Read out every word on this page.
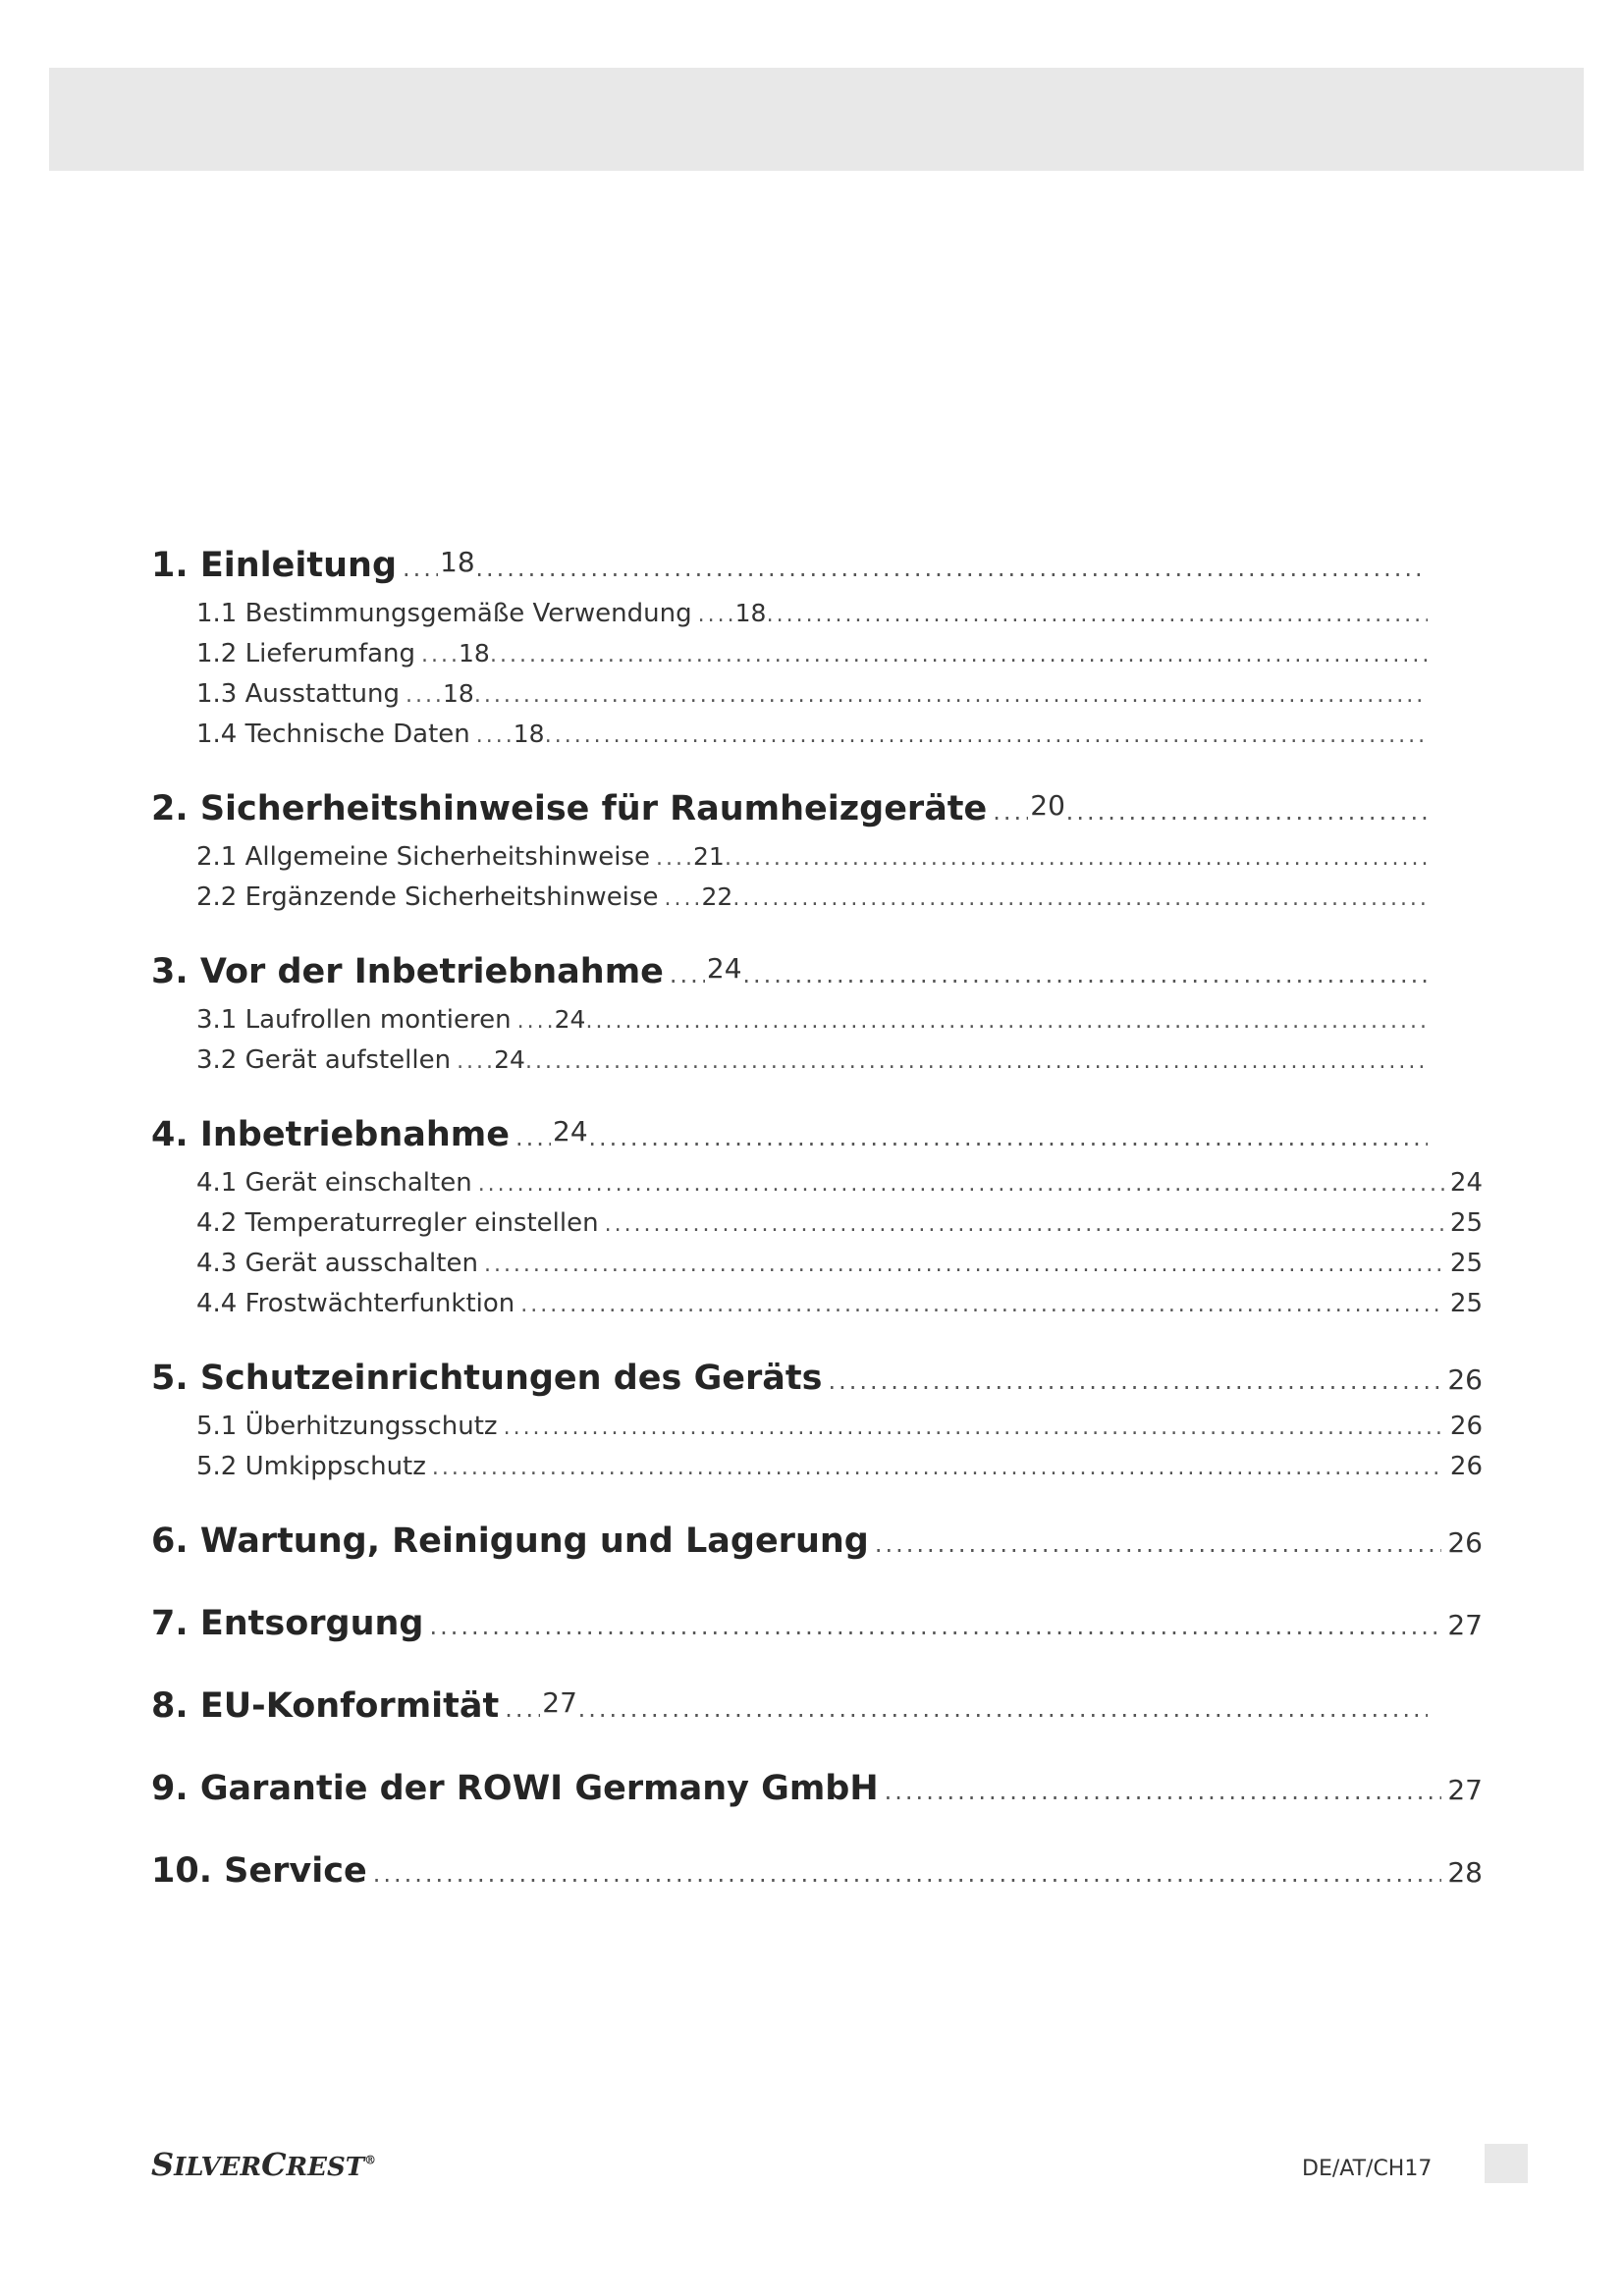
1. Einleitung 18
.....
1.1 Bestimmungsgemäße Verwendung 18
.....
1.2 Lieferumfang 18
.....
1.3 Ausstattung 18
.....
1.4 Technische Daten 18
.....
2. Sicherheitshinweise für Raumheizgeräte 20
.....
2.1 Allgemeine Sicherheitshinweise 21
.....
2.2 Ergänzende Sicherheitshinweise 22
.....
3. Vor der Inbetriebnahme 24
.....
3.1 Laufrollen montieren 24
.....
3.2 Gerät aufstellen 24
.....
4. Inbetriebnahme 24
.....
4.1 Gerät einschalten .....	24
4.2 Temperaturregler einstellen .....	25
4.3 Gerät ausschalten .....	25
4.4 Frostwächterfunktion .....	25
5. Schutzeinrichtungen des Geräts .....	26
5.1 Überhitzungsschutz .....	26
5.2 Umkippschutz .....	26
6. Wartung, Reinigung und Lagerung .....	26
7. Entsorgung .....	27
8. EU-Konformität 27
.....
9. Garantie der ROWI Germany GmbH .....	27
10. Service .....	28
SILVERCREST®	DE/AT/CH17
